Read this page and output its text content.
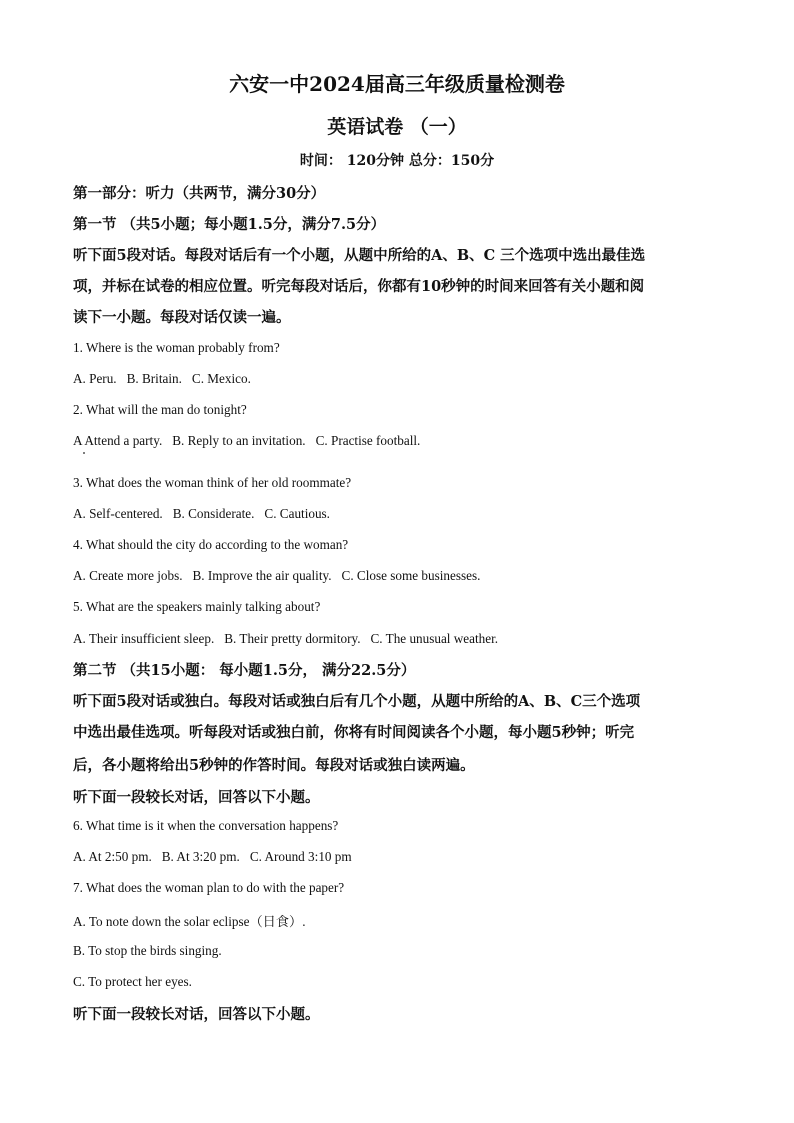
六安一中2024届高三年级质量检测卷
英语试卷 （一）
时间： 120分钟 总分：150分
第一部分：听力（共两节，满分30分）
第一节 （共5小题；每小题1.5分，满分7.5分）
听下面5段对话。每段对话后有一个小题，从题中所给的A、B、C 三个选项中选出最佳选
项，并标在试卷的相应位置。听完每段对话后，你都有10秒钟的时间来回答有关小题和阅
读下一小题。每段对话仅读一遍。
1. Where is the woman probably from?
A. Peru. B. Britain. C. Mexico.
2. What will the man do tonight?
A Attend a party. B. Reply to an invitation. C. Practise football.
3. What does the woman think of her old roommate?
A. Self-centered. B. Considerate. C. Cautious.
4. What should the city do according to the woman?
A. Create more jobs. B. Improve the air quality. C. Close some businesses.
5. What are the speakers mainly talking about?
A. Their insufficient sleep. B. Their pretty dormitory. C. The unusual weather.
第二节 （共15小题： 每小题1.5分， 满分22.5分）
听下面5段对话或独白。每段对话或独白后有几个小题，从题中所给的A、B、C三个选项
中选出最佳选项。听每段对话或独白前，你将有时间阅读各个小题，每小题5秒钟；听完
后，各小题将给出5秒钟的作答时间。每段对话或独白读两遍。
听下面一段较长对话，回答以下小题。
6. What time is it when the conversation happens?
A. At 2:50 pm. B. At 3:20 pm. C. Around 3:10 pm
7. What does the woman plan to do with the paper?
A. To note down the solar eclipse（日食）.
B. To stop the birds singing.
C. To protect her eyes.
听下面一段较长对话，回答以下小题。
